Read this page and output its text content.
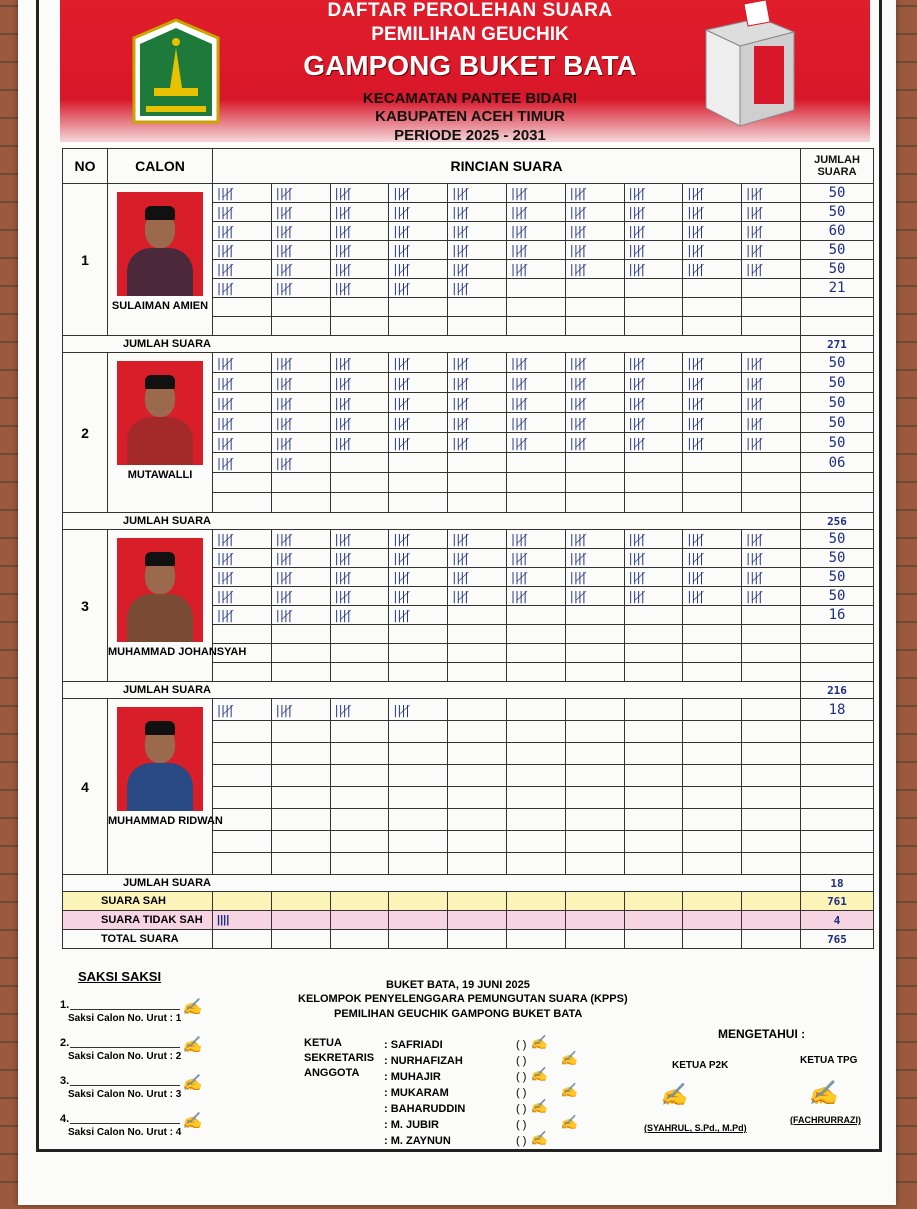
DAFTAR PEROLEHAN SUARA
PEMILIHAN GEUCHIK
GAMPONG BUKET BATA
KECAMATAN PANTEE BIDARI
KABUPATEN ACEH TIMUR
PERIODE 2025 - 2031
NO	CALON	RINCIAN SUARA										JUMLAH SUARA
1	SULAIMAN AMIEN	||||̸	||||̸	||||̸	||||̸	||||̸	||||̸	||||̸	||||̸	||||̸	||||̸	50
		||||̸	||||̸	||||̸	||||̸	||||̸	||||̸	||||̸	||||̸	||||̸	||||̸	50
		||||̸	||||̸	||||̸	||||̸	||||̸	||||̸	||||̸	||||̸	||||̸	||||̸	60
		||||̸	||||̸	||||̸	||||̸	||||̸	||||̸	||||̸	||||̸	||||̸	||||̸	50
		||||̸	||||̸	||||̸	||||̸	||||̸	||||̸	||||̸	||||̸	||||̸	||||̸	50
		||||̸	||||̸	||||̸	||||̸	||||̸						21

JUMLAH SUARA												271
2	MUTAWALLI	||||̸	||||̸	||||̸	||||̸	||||̸	||||̸	||||̸	||||̸	||||̸	||||̸	50
		||||̸	||||̸	||||̸	||||̸	||||̸	||||̸	||||̸	||||̸	||||̸	||||̸	50
		||||̸	||||̸	||||̸	||||̸	||||̸	||||̸	||||̸	||||̸	||||̸	||||̸	50
		||||̸	||||̸	||||̸	||||̸	||||̸	||||̸	||||̸	||||̸	||||̸	||||̸	50
		||||̸	||||̸	||||̸	||||̸	||||̸	||||̸	||||̸	||||̸	||||̸	||||̸	50
		||||̸	||||̸									06

JUMLAH SUARA												256
3	MUHAMMAD JOHANSYAH	||||̸	||||̸	||||̸	||||̸	||||̸	||||̸	||||̸	||||̸	||||̸	||||̸	50
		||||̸	||||̸	||||̸	||||̸	||||̸	||||̸	||||̸	||||̸	||||̸	||||̸	50
		||||̸	||||̸	||||̸	||||̸	||||̸	||||̸	||||̸	||||̸	||||̸	||||̸	50
		||||̸	||||̸	||||̸	||||̸	||||̸	||||̸	||||̸	||||̸	||||̸	||||̸	50
		||||̸	||||̸	||||̸	||||̸							16

JUMLAH SUARA												216
4	MUHAMMAD RIDWAN	||||̸	||||̸	||||̸	||||̸							18

JUMLAH SUARA												18
SUARA SAH												761
SUARA TIDAK SAH		||||										4
TOTAL SUARA												765
SAKSI SAKSI
1.
Saksi Calon No. Urut : 1
✍
2.
Saksi Calon No. Urut : 2
✍
3.
Saksi Calon No. Urut : 3
✍
4.
Saksi Calon No. Urut : 4
✍
BUKET BATA, 19 JUNI 2025
KELOMPOK PENYELENGGARA PEMUNGUTAN SUARA (KPPS)
PEMILIHAN GEUCHIK GAMPONG BUKET BATA
KETUA
SEKRETARIS
ANGGOTA
: SAFRIADI	( ) ✍
: NURHAFIZAH	( ) ✍
: MUHAJIR	( ) ✍
: MUKARAM	( ) ✍
: BAHARUDDIN	( ) ✍
: M. JUBIR	( ) ✍
: M. ZAYNUN	( ) ✍
MENGETAHUI :
KETUA P2K	KETUA TPG
✍	✍
(SYAHRUL, S.Pd., M.Pd)
(FACHRURRAZI)
